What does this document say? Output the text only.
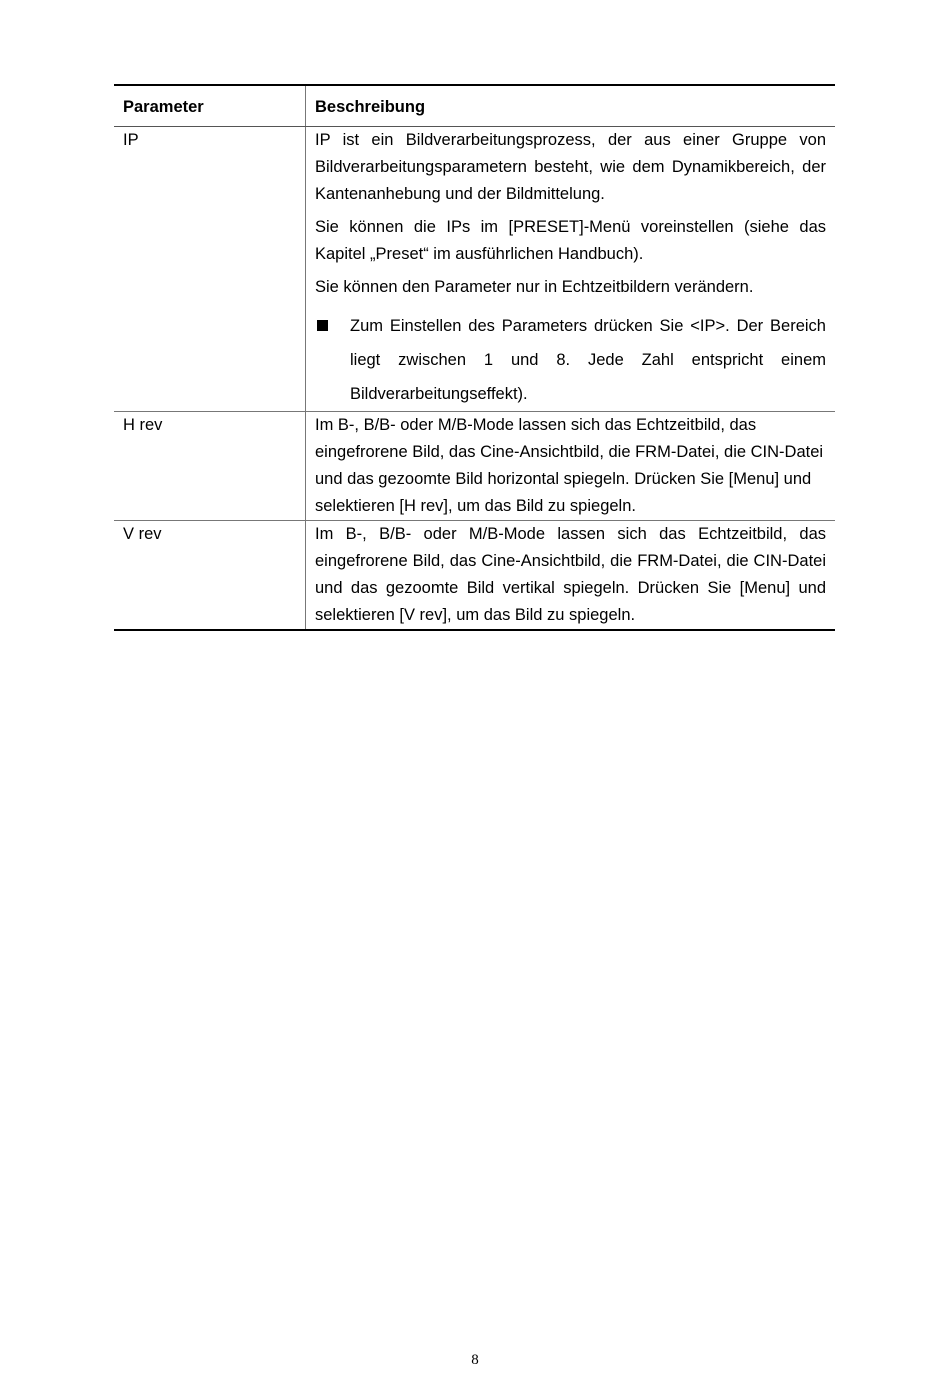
Parameter	Beschreibung
IP	IP ist ein Bildverarbeitungsprozess, der aus einer Gruppe von Bildverarbeitungsparametern besteht, wie dem Dynamikbereich, der Kantenanhebung und der Bildmittelung.

Sie können die IPs im [PRESET]-Menü voreinstellen (siehe das Kapitel „Preset“ im ausführlichen Handbuch).

Sie können den Parameter nur in Echtzeitbildern verändern.

Zum Einstellen des Parameters drücken Sie <IP>. Der Bereich liegt zwischen 1 und 8. Jede Zahl entspricht einem Bildverarbeitungseffekt).

H rev	Im B-, B/B- oder M/B-Mode lassen sich das Echtzeitbild, das eingefrorene Bild, das Cine-Ansichtbild, die FRM-Datei, die CIN-Datei und das gezoomte Bild horizontal spiegeln. Drücken Sie [Menu] und selektieren [H rev], um das Bild zu spiegeln.

V rev	Im B-, B/B- oder M/B-Mode lassen sich das Echtzeitbild, das eingefrorene Bild, das Cine-Ansichtbild, die FRM-Datei, die CIN-Datei und das gezoomte Bild vertikal spiegeln. Drücken Sie [Menu] und selektieren [V rev], um das Bild zu spiegeln.

8
